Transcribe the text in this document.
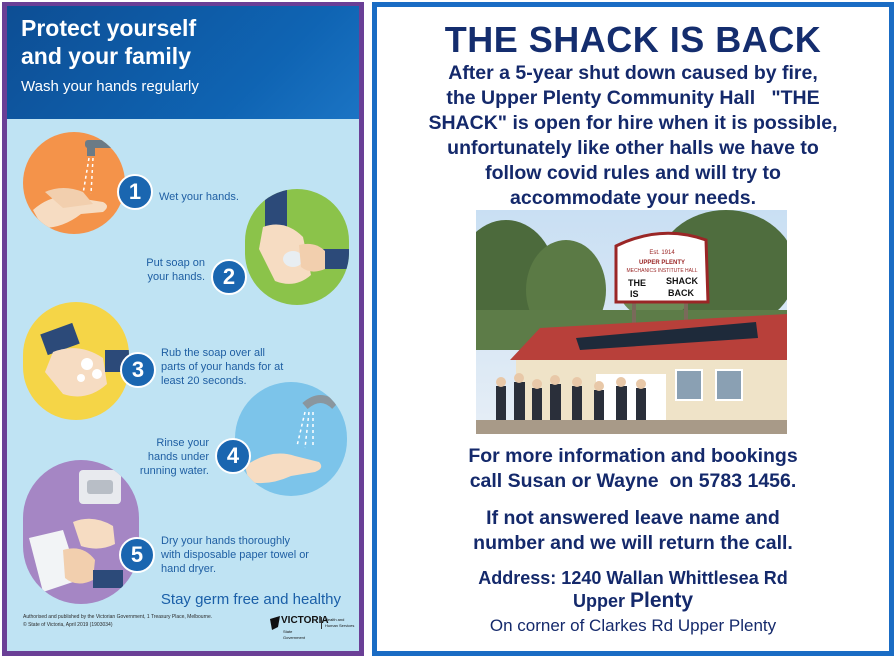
Protect yourself
and your family
Wash your hands regularly
1	Wet your hands.
2
Put soap on your hands.
3
Rub the soap over all parts of your hands for at least 20 seconds.
4
Rinse your hands under running water.
5
Dry your hands thoroughly with disposable paper towel or hand dryer.
Stay germ free and healthy
Authorised and published by the Victorian Government, 1 Treasury Place, Melbourne.
© State of Victoria, April 2019 (1903034)	VICTORIA
State Government
Health and Human Services
THE SHACK IS BACK
After a 5-year shut down caused by fire,
the Upper Plenty Community Hall   "THE
SHACK" is open for hire when it is possible,
unfortunately like other halls we have to
follow covid rules and will try to
accommodate your needs.
Est. 1914
UPPER PLENTY
MECHANICS INSTITUTE HALL
THE
IS
SHACK
BACK
For more information and bookings
call Susan or Wayne  on 5783 1456.
If not answered leave name and
number and we will return the call.
Address: 1240 Wallan Whittlesea Rd
Upper Plenty
On corner of Clarkes Rd Upper Plenty
